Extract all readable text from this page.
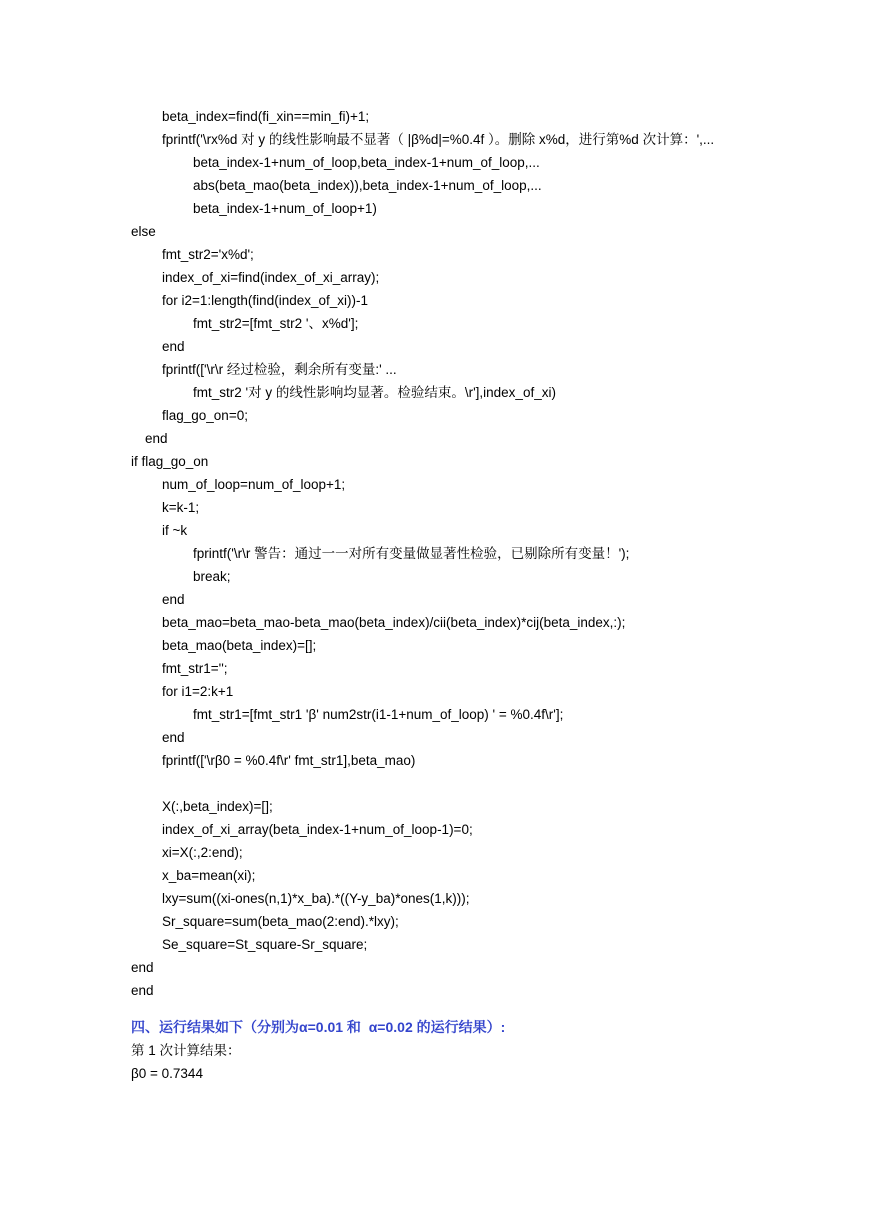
beta_index=find(fi_xin==min_fi)+1;
fprintf('\rx%d 对 y 的线性影响最不显著（ |β%d|=%0.4f ）。删除 x%d，进行第%d 次计算：',...
beta_index-1+num_of_loop,beta_index-1+num_of_loop,...
abs(beta_mao(beta_index)),beta_index-1+num_of_loop,...
beta_index-1+num_of_loop+1)
else
fmt_str2='x%d';
index_of_xi=find(index_of_xi_array);
for i2=1:length(find(index_of_xi))-1
fmt_str2=[fmt_str2 '、x%d'];
end
fprintf(['\r\r 经过检验，剩余所有变量:' ...
fmt_str2 '对 y 的线性影响均显著。检验结束。\r'],index_of_xi)
flag_go_on=0;
end
if flag_go_on
num_of_loop=num_of_loop+1;
k=k-1;
if ~k
fprintf('\r\r 警告：通过一一对所有变量做显著性检验，已剔除所有变量！');
break;
end
beta_mao=beta_mao-beta_mao(beta_index)/cii(beta_index)*cij(beta_index,:);
beta_mao(beta_index)=[];
fmt_str1='';
for i1=2:k+1
fmt_str1=[fmt_str1 'β' num2str(i1-1+num_of_loop) ' = %0.4f\r'];
end
fprintf(['\rβ0 = %0.4f\r' fmt_str1],beta_mao)
X(:,beta_index)=[];
index_of_xi_array(beta_index-1+num_of_loop-1)=0;
xi=X(:,2:end);
x_ba=mean(xi);
lxy=sum((xi-ones(n,1)*x_ba).*((Y-y_ba)*ones(1,k)));
Sr_square=sum(beta_mao(2:end).*lxy);
Se_square=St_square-Sr_square;
end
end
四、运行结果如下（分别为α=0.01 和  α=0.02 的运行结果）:
第 1 次计算结果：
β0 = 0.7344
